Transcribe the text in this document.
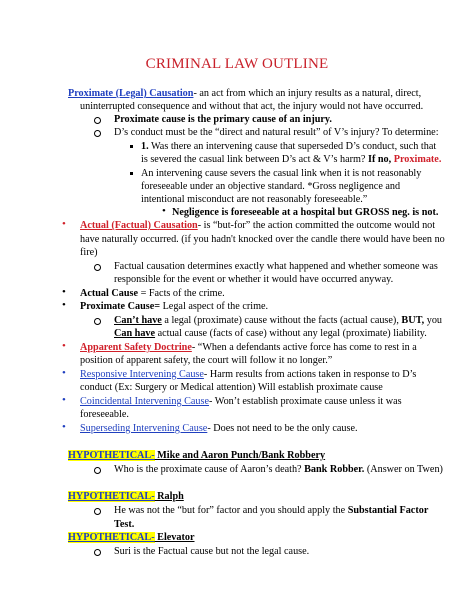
CRIMINAL LAW OUTLINE
Proximate (Legal) Causation- an act from which an injury results as a natural, direct,
uninterrupted consequence and without that act, the injury would not have occurred.
Proximate cause is the primary cause of an injury.
D’s conduct must be the “direct and natural result” of V’s injury? To determine:
1. Was there an intervening cause that superseded D’s conduct, such that
is severed the casual link between D’s act & V’s harm? If no, Proximate.
An intervening cause severs the casual link when it is not reasonably
foreseeable under an objective standard. *Gross negligence and
intentional misconduct are not reasonably foreseeable.”
• Negligence is foreseeable at a hospital but GROSS neg. is not.
• Actual (Factual) Causation- is “but-for” the action committed the outcome would not
have naturally occurred. (if you hadn't knocked over the candle there would have been no
fire)
Factual causation determines exactly what happened and whether someone was
responsible for the event or whether it would have occurred anyway.
• Actual Cause = Facts of the crime.
• Proximate Cause= Legal aspect of the crime.
Can’t have a legal (proximate) cause without the facts (actual cause), BUT, you
Can have actual cause (facts of case) without any legal (proximate) liability.
• Apparent Safety Doctrine- “When a defendants active force has come to rest in a
position of apparent safety, the court will follow it no longer.”
• Responsive Intervening Cause- Harm results from actions taken in response to D’s
conduct (Ex: Surgery or Medical attention) Will establish proximate cause
• Coincidental Intervening Cause- Won’t establish proximate cause unless it was
foreseeable.
• Superseding Intervening Cause- Does not need to be the only cause.
HYPOTHETICAL- Mike and Aaron Punch/Bank Robbery
Who is the proximate cause of Aaron’s death? Bank Robber. (Answer on Twen)
HYPOTHETICAL- Ralph
He was not the “but for” factor and you should apply the Substantial Factor
Test.
HYPOTHETICAL- Elevator
Suri is the Factual cause but not the legal cause.
